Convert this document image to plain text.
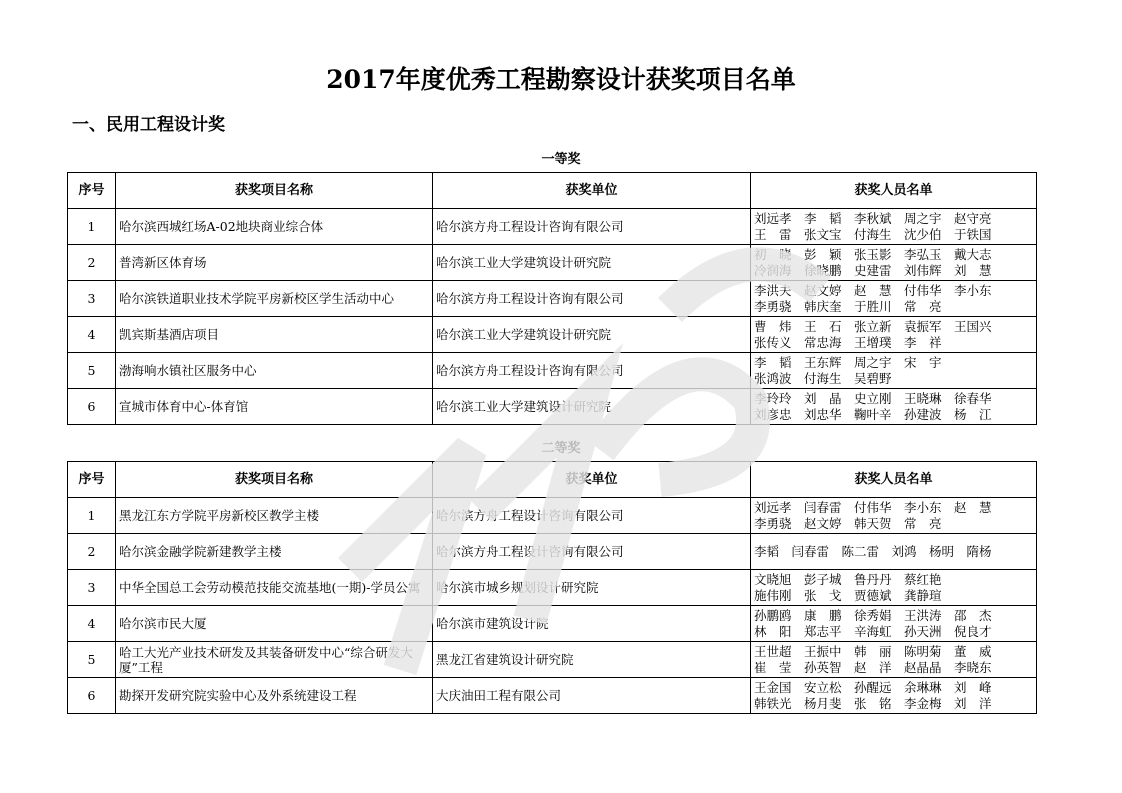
2017年度优秀工程勘察设计获奖项目名单
一、民用工程设计奖
一等奖
序号	获奖项目名称	获奖单位	获奖人员名单
1	哈尔滨西城红场A-02地块商业综合体	哈尔滨方舟工程设计咨询有限公司	刘远孝　李　韬　李秋斌　周之宇　赵守亮
王　雷　张文宝　付海生　沈少伯　于铁国
2	普湾新区体育场	哈尔滨工业大学建筑设计研究院	初　晓　彭　颖　张玉影　李弘玉　戴大志
冷润海　徐晓鹏　史建雷　刘伟辉　刘　慧
3	哈尔滨铁道职业技术学院平房新校区学生活动中心	哈尔滨方舟工程设计咨询有限公司	李洪夫　赵文婷　赵　慧　付伟华　李小东
李勇骁　韩庆奎　于胜川　常　亮
4	凯宾斯基酒店项目	哈尔滨工业大学建筑设计研究院	曹　炜　王　石　张立新　袁振军　王国兴
张传义　常忠海　王增璞　李　祥
5	渤海响水镇社区服务中心	哈尔滨方舟工程设计咨询有限公司	李　韬　王东辉　周之宇　宋　宇
张鸿波　付海生　吴碧野
6	宣城市体育中心-体育馆	哈尔滨工业大学建筑设计研究院	李玲玲　刘　晶　史立刚　王晓琳　徐春华
刘彦忠　刘忠华　鞠叶辛　孙建波　杨　江
二等奖
序号	获奖项目名称	获奖单位	获奖人员名单
1	黑龙江东方学院平房新校区教学主楼	哈尔滨方舟工程设计咨询有限公司	刘远孝　闫春雷　付伟华　李小东　赵　慧
李勇骁　赵文婷　韩天贺　常　亮
2	哈尔滨金融学院新建教学主楼	哈尔滨方舟工程设计咨询有限公司	李韬　闫春雷　陈二雷　刘鸿　杨明　隋杨
3	中华全国总工会劳动模范技能交流基地(一期)-学员公寓	哈尔滨市城乡规划设计研究院	文晓旭　彭子城　鲁丹丹　蔡红艳
施伟刚　张　戈　贾德斌　龚静瑄
4	哈尔滨市民大厦	哈尔滨市建筑设计院	孙鹏鸥　康　鹏　徐秀娟　王洪涛　邵　杰
林　阳　郑志平　辛海虹　孙天洲　倪良才
5	哈工大光产业技术研发及其装备研发中心“综合研发大厦”工程	黑龙江省建筑设计研究院	王世超　王振中　韩　丽　陈明菊　董　威
崔　莹　孙英智　赵　洋　赵晶晶　李晓东
6	勘探开发研究院实验中心及外系统建设工程	大庆油田工程有限公司	王金国　安立松　孙醒远　余琳琳　刘　峰
韩铁光　杨月斐　张　铭　李金梅　刘　洋
